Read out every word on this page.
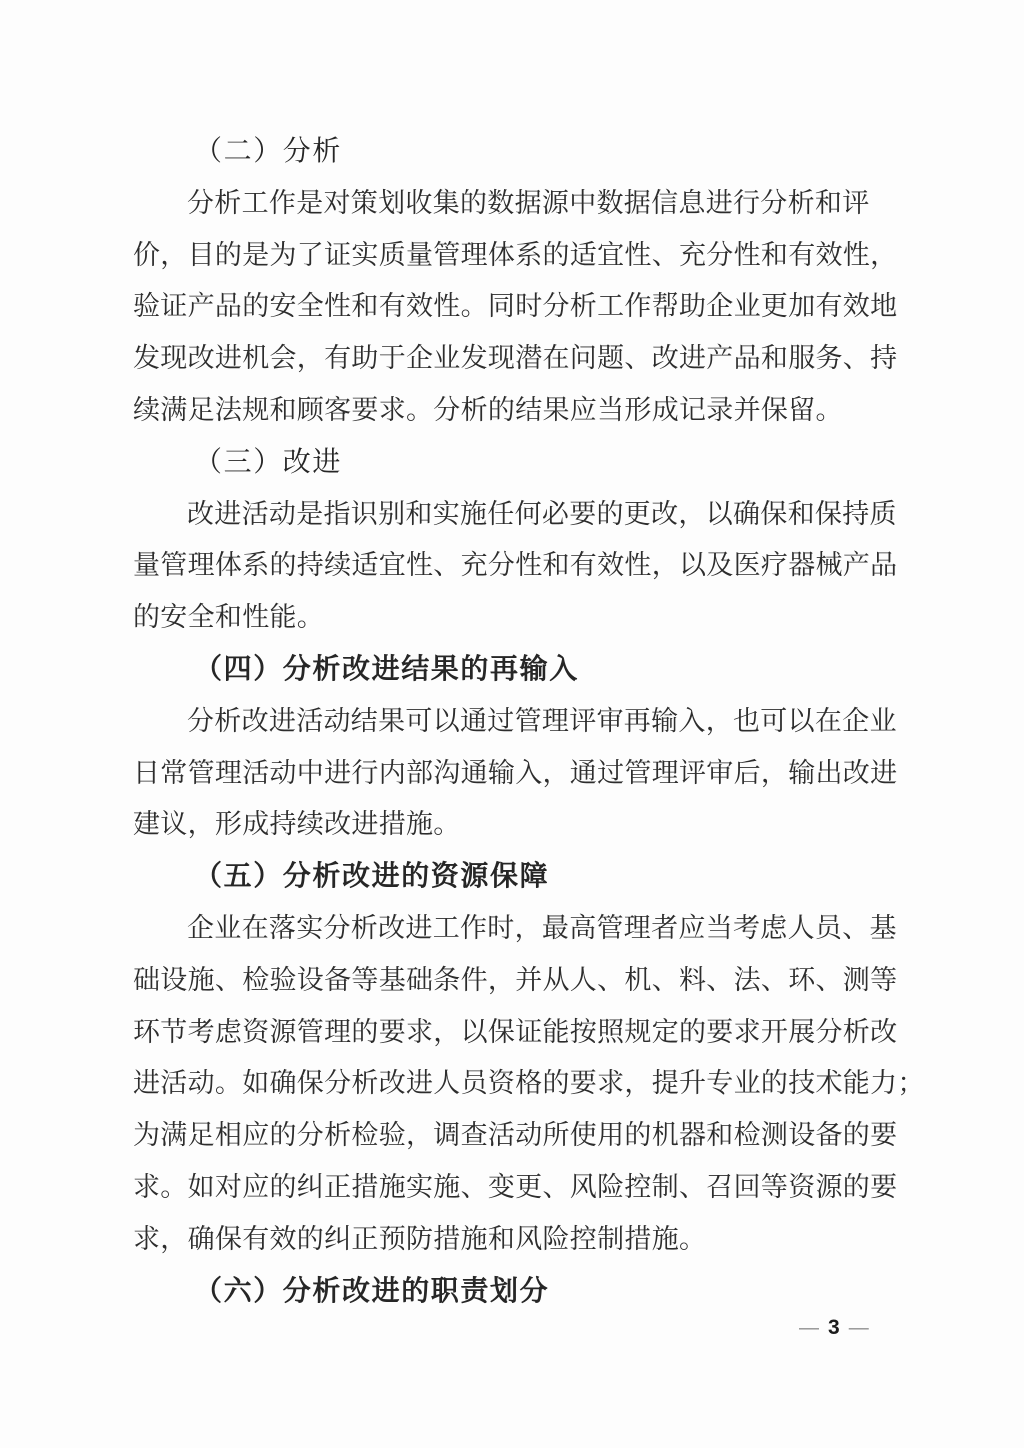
（二）分析
分析工作是对策划收集的数据源中数据信息进行分析和评
价，目的是为了证实质量管理体系的适宜性、充分性和有效性，
验证产品的安全性和有效性。同时分析工作帮助企业更加有效地
发现改进机会，有助于企业发现潜在问题、改进产品和服务、持
续满足法规和顾客要求。分析的结果应当形成记录并保留。
（三）改进
改进活动是指识别和实施任何必要的更改，以确保和保持质
量管理体系的持续适宜性、充分性和有效性，以及医疗器械产品
的安全和性能。
（四）分析改进结果的再输入
分析改进活动结果可以通过管理评审再输入，也可以在企业
日常管理活动中进行内部沟通输入，通过管理评审后，输出改进
建议，形成持续改进措施。
（五）分析改进的资源保障
企业在落实分析改进工作时，最高管理者应当考虑人员、基
础设施、检验设备等基础条件，并从人、机、料、法、环、测等
环节考虑资源管理的要求，以保证能按照规定的要求开展分析改
进活动。如确保分析改进人员资格的要求，提升专业的技术能力；
为满足相应的分析检验，调查活动所使用的机器和检测设备的要
求。如对应的纠正措施实施、变更、风险控制、召回等资源的要
求，确保有效的纠正预防措施和风险控制措施。
（六）分析改进的职责划分
— 3 —
